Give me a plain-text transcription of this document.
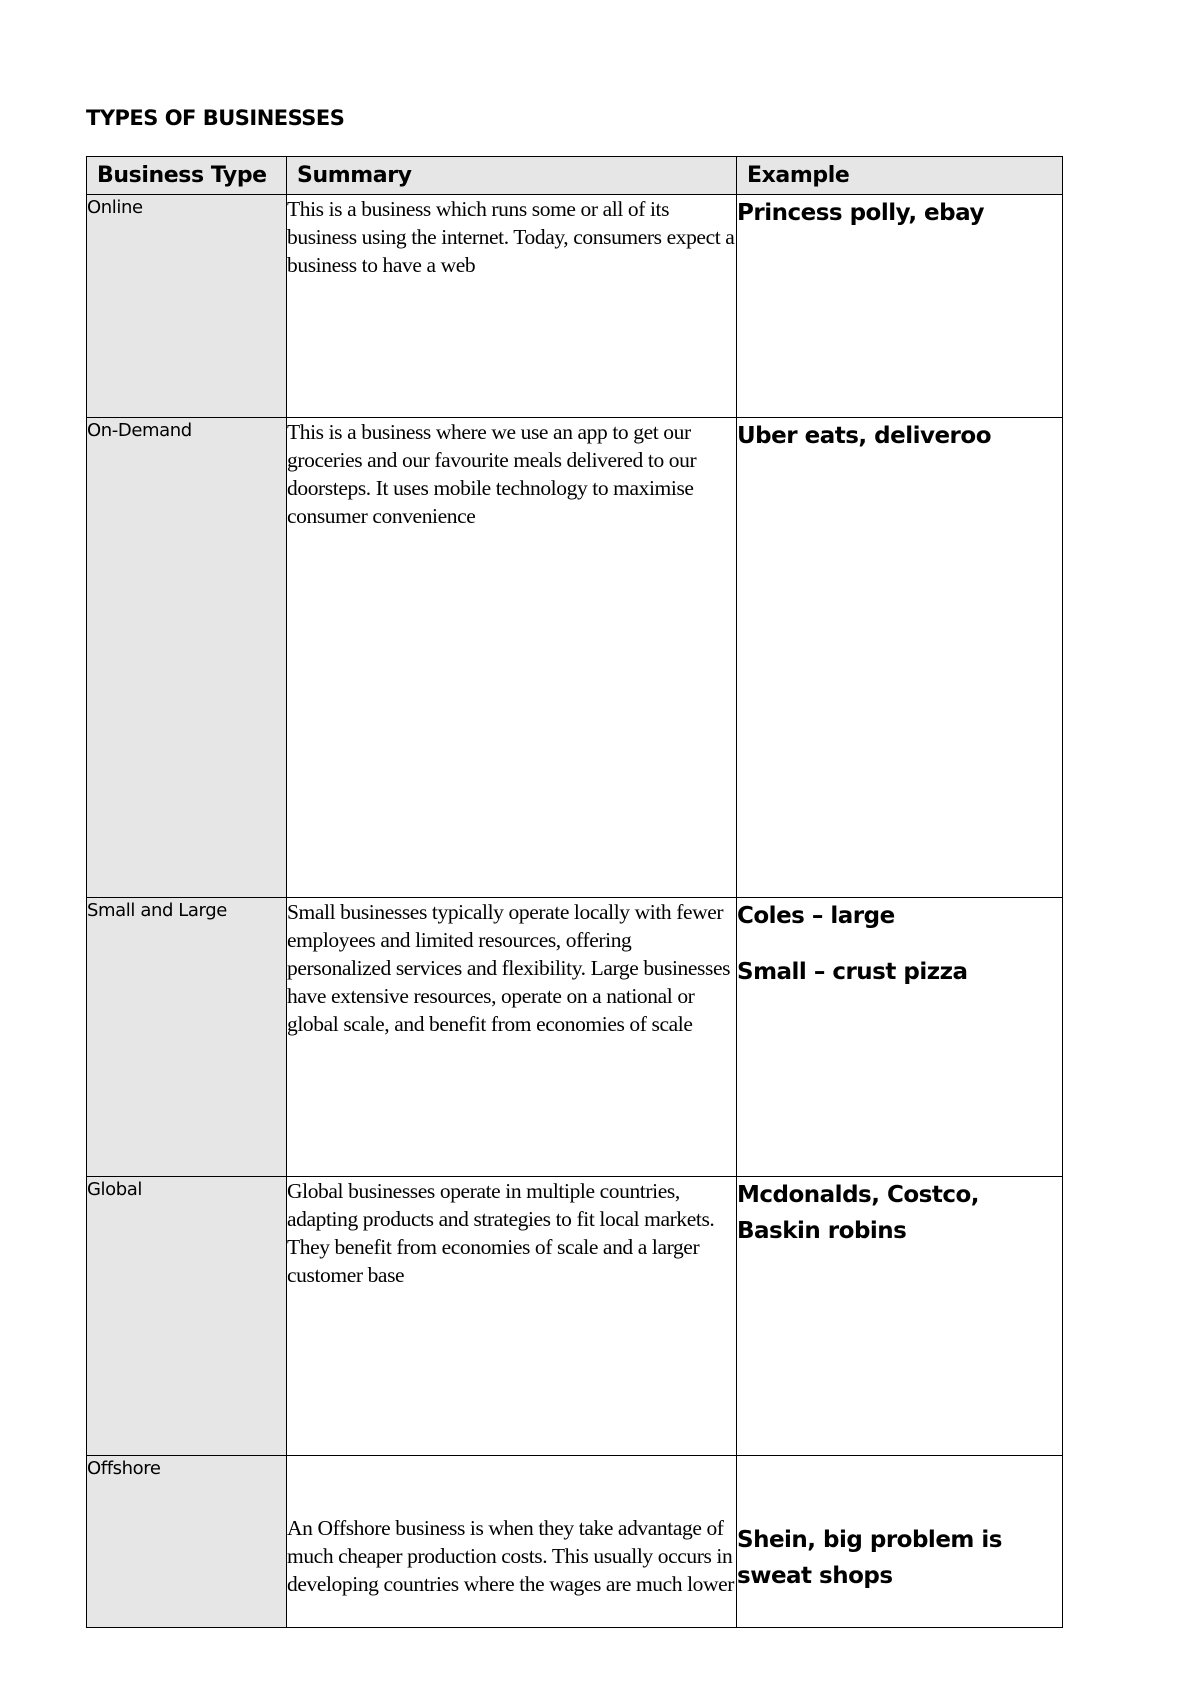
TYPES OF BUSINESSES
Business Type	Summary	Example
Online	This is a business which runs some or all of its business using the internet. Today, consumers expect a business to have a web	Princess polly, ebay

On-Demand	This is a business where we use an app to get our groceries and our favourite meals delivered to our doorsteps. It uses mobile technology to maximise consumer convenience	Uber eats, deliveroo

Small and Large	Small businesses typically operate locally with fewer employees and limited resources, offering personalized services and flexibility. Large businesses have extensive resources, operate on a national or global scale, and benefit from economies of scale	Coles – large
Small – crust pizza

Global	Global businesses operate in multiple countries, adapting products and strategies to fit local markets. They benefit from economies of scale and a larger customer base	Mcdonalds, Costco, Baskin robins

Offshore	An Offshore business is when they take advantage of much cheaper production costs. This usually occurs in developing countries where the wages are much lower	Shein, big problem is sweat shops
